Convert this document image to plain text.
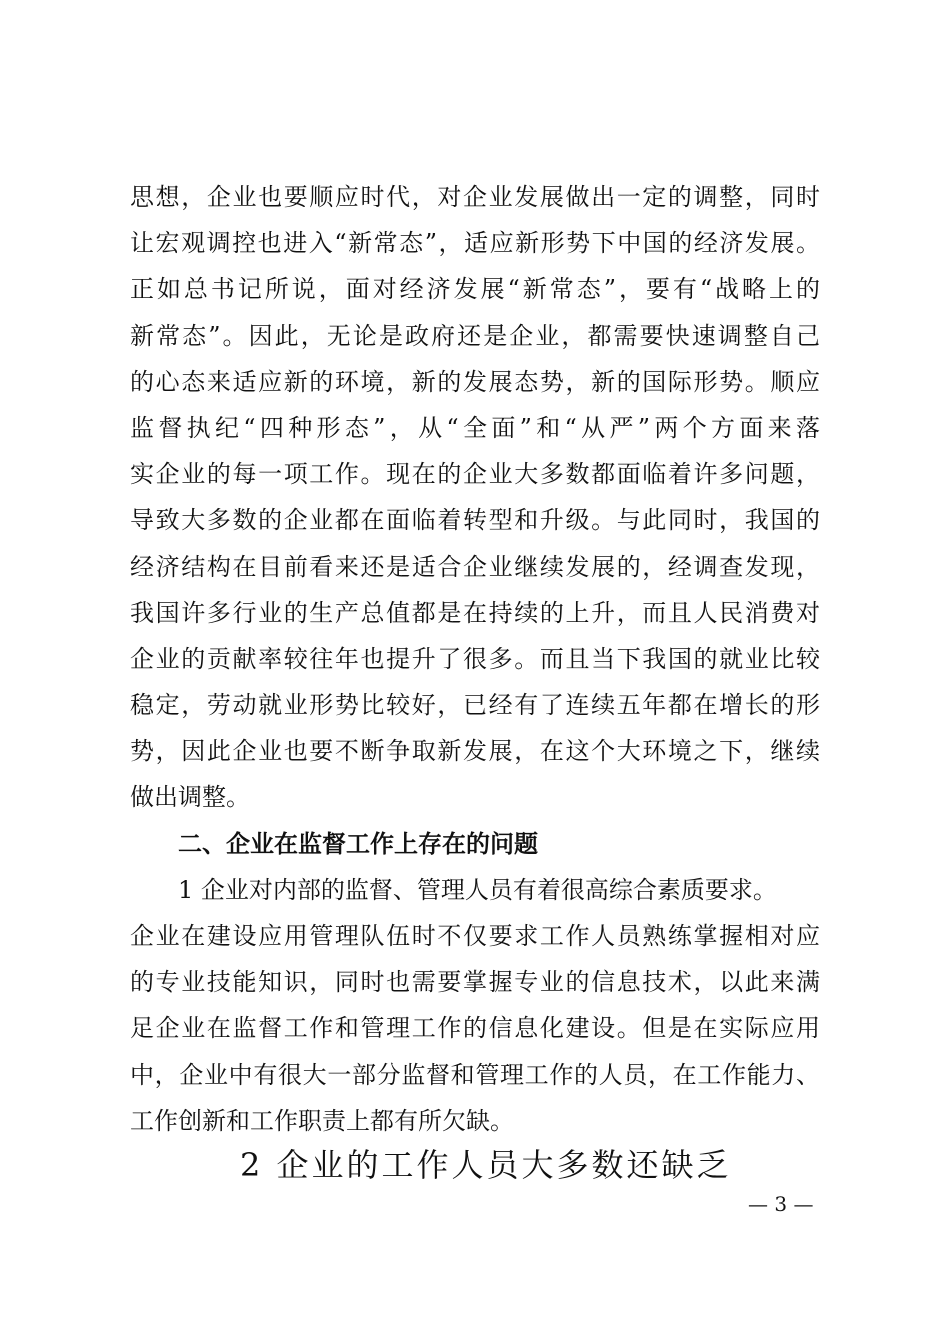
思想，企业也要顺应时代，对企业发展做出一定的调整，同时
让宏观调控也进入“新常态”，适应新形势下中国的经济发展。
正如总书记所说，面对经济发展“新常态”，要有“战略上的
新常态”。因此，无论是政府还是企业，都需要快速调整自己
的心态来适应新的环境，新的发展态势，新的国际形势。顺应
监督执纪“四种形态”，从“全面”和“从严”两个方面来落
实企业的每一项工作。现在的企业大多数都面临着许多问题，
导致大多数的企业都在面临着转型和升级。与此同时，我国的
经济结构在目前看来还是适合企业继续发展的，经调查发现，
我国许多行业的生产总值都是在持续的上升，而且人民消费对
企业的贡献率较往年也提升了很多。而且当下我国的就业比较
稳定，劳动就业形势比较好，已经有了连续五年都在增长的形
势，因此企业也要不断争取新发展，在这个大环境之下，继续
做出调整。
二、企业在监督工作上存在的问题
1 企业对内部的监督、管理人员有着很高综合素质要求。
企业在建设应用管理队伍时不仅要求工作人员熟练掌握相对应
的专业技能知识，同时也需要掌握专业的信息技术，以此来满
足企业在监督工作和管理工作的信息化建设。但是在实际应用
中，企业中有很大一部分监督和管理工作的人员，在工作能力、
工作创新和工作职责上都有所欠缺。
2 企业的工作人员大多数还缺乏
— 3 —
